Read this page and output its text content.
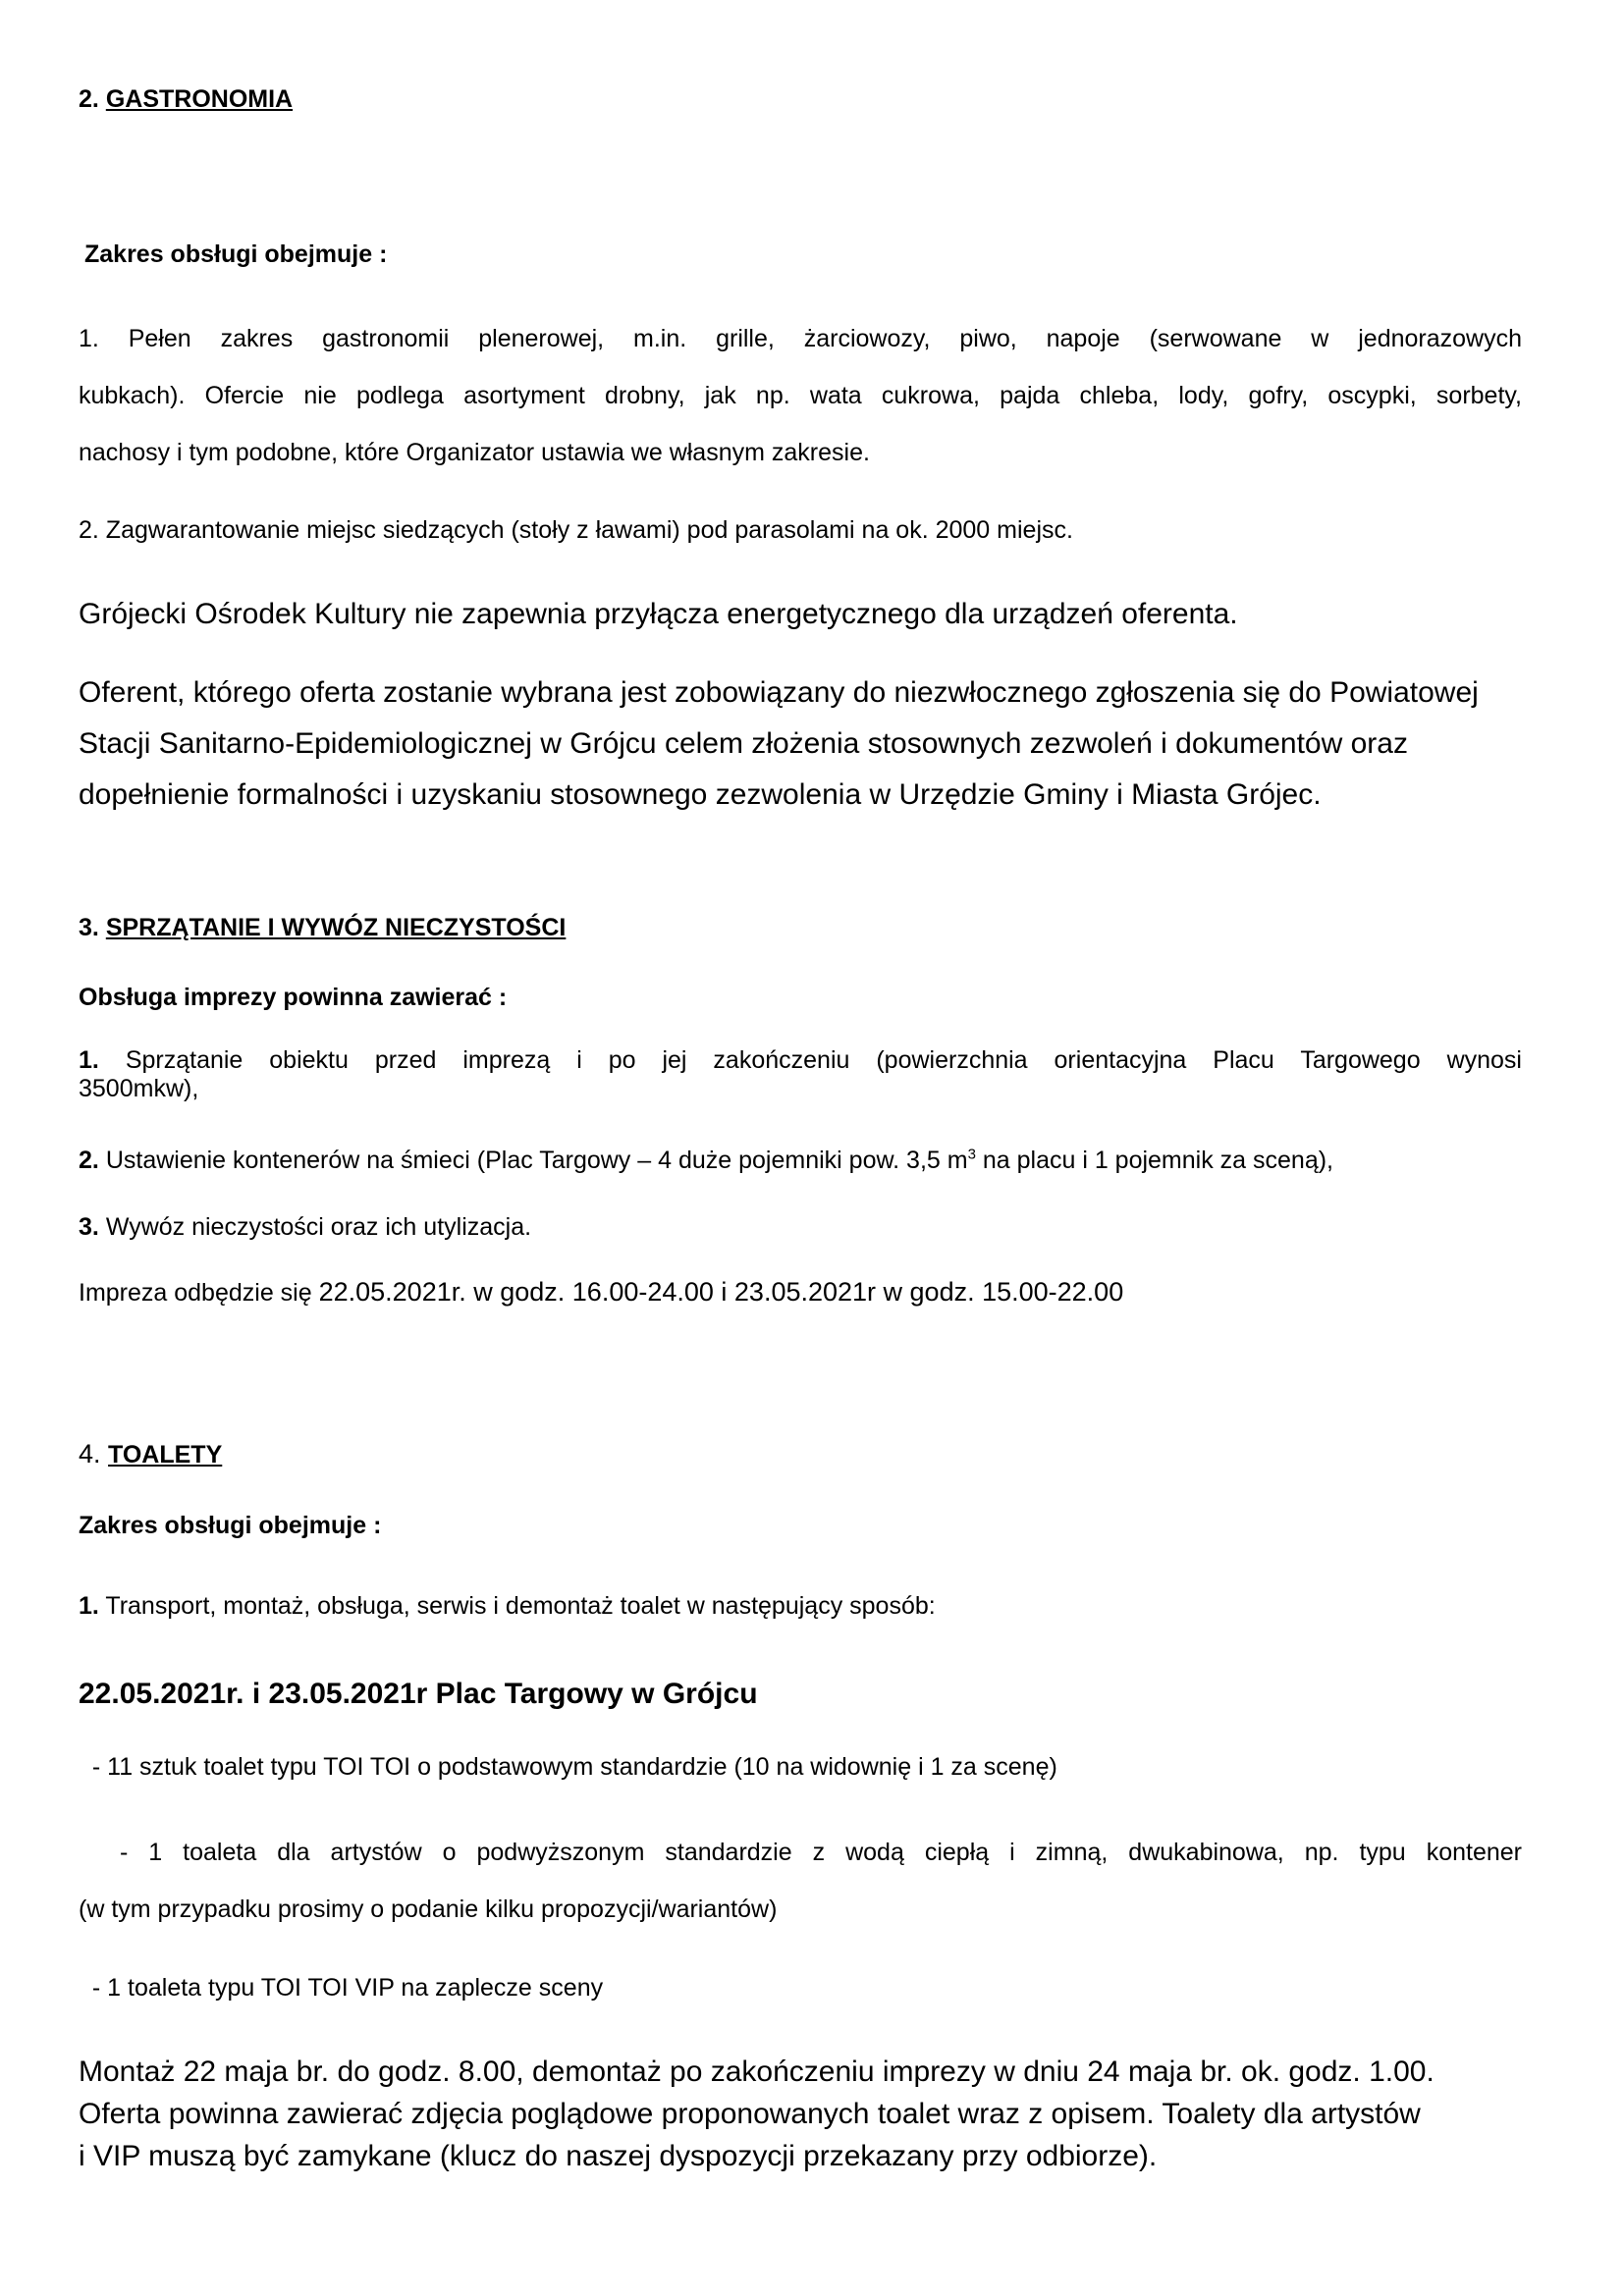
2. GASTRONOMIA
Zakres obsługi obejmuje :
1. Pełen zakres gastronomii plenerowej, m.in. grille, żarciowozy, piwo, napoje (serwowane w jednorazowych
kubkach). Ofercie nie podlega asortyment drobny, jak np. wata cukrowa, pajda chleba, lody, gofry, oscypki, sorbety,
nachosy i tym podobne, które Organizator ustawia we własnym zakresie.
2. Zagwarantowanie miejsc siedzących (stoły z ławami) pod parasolami na ok. 2000 miejsc.
Grójecki Ośrodek Kultury nie zapewnia przyłącza energetycznego dla urządzeń oferenta.
Oferent, którego oferta zostanie wybrana jest zobowiązany do niezwłocznego zgłoszenia się do Powiatowej
Stacji Sanitarno-Epidemiologicznej w Grójcu celem złożenia stosownych zezwoleń i dokumentów oraz
dopełnienie formalności i uzyskaniu stosownego zezwolenia w Urzędzie Gminy i Miasta Grójec.
3. SPRZĄTANIE I WYWÓZ NIECZYSTOŚCI
Obsługa imprezy powinna zawierać :
1. Sprzątanie obiektu przed imprezą i po jej zakończeniu (powierzchnia orientacyjna Placu Targowego wynosi
3500mkw),
2. Ustawienie kontenerów na śmieci (Plac Targowy – 4 duże pojemniki pow. 3,5 $m^3$ na placu i 1 pojemnik za sceną),
3. Wywóz nieczystości oraz ich utylizacja.
Impreza odbędzie się 22.05.2021r. w godz. 16.00-24.00 i 23.05.2021r w godz. 15.00-22.00
4. TOALETY
Zakres obsługi obejmuje :
1. Transport, montaż, obsługa, serwis i demontaż toalet w następujący sposób:
22.05.2021r. i 23.05.2021r Plac Targowy w Grójcu
- 11 sztuk toalet typu TOI TOI o podstawowym standardzie (10 na widownię i 1 za scenę)
- 1 toaleta dla artystów o podwyższonym standardzie z wodą ciepłą i zimną, dwukabinowa, np. typu kontener
(w tym przypadku prosimy o podanie kilku propozycji/wariantów)
- 1 toaleta typu TOI TOI VIP na zaplecze sceny
Montaż 22 maja br. do godz. 8.00, demontaż po zakończeniu imprezy w dniu 24 maja br. ok. godz. 1.00.
Oferta powinna zawierać zdjęcia poglądowe proponowanych toalet wraz z opisem. Toalety dla artystów
i VIP muszą być zamykane (klucz do naszej dyspozycji przekazany przy odbiorze).
